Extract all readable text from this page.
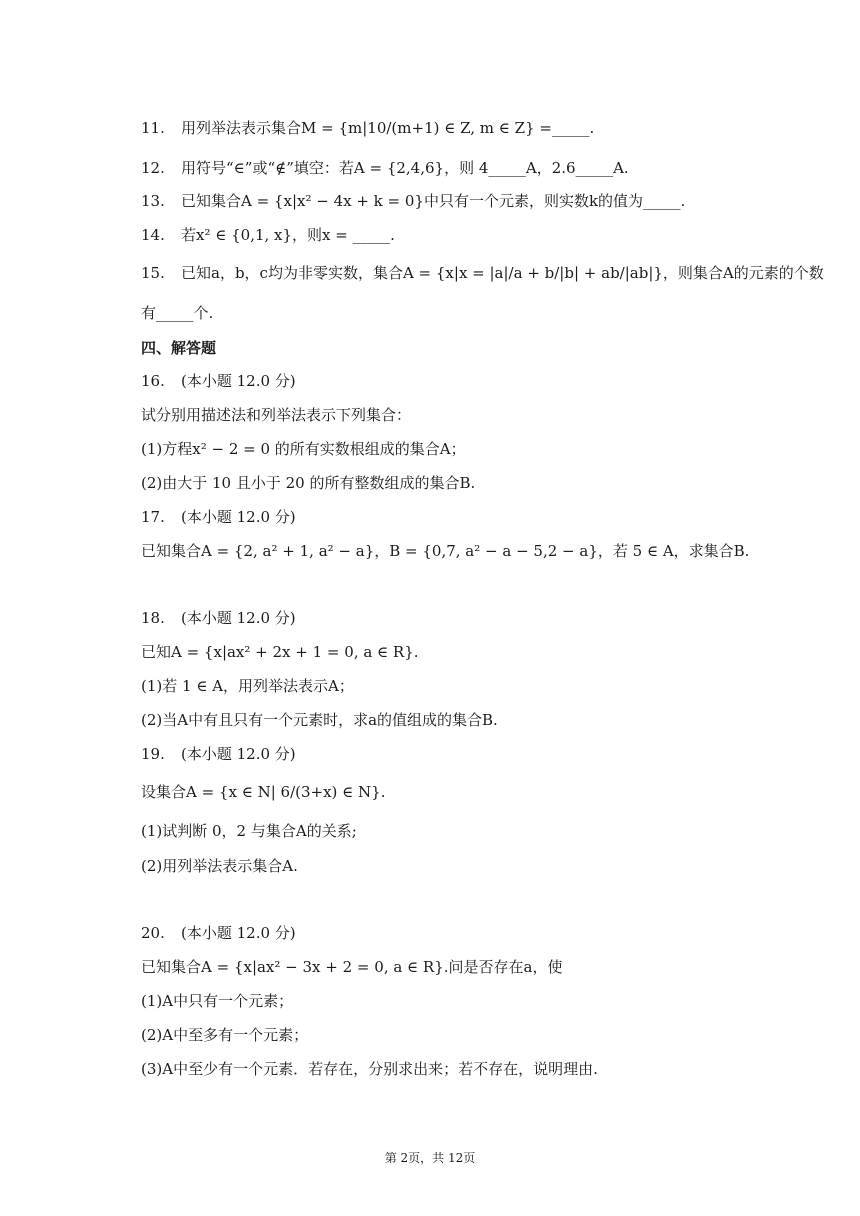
11. 用列举法表示集合M = {m|10/(m+1) ∈ Z, m ∈ Z} =_____.
12. 用符号“∈”或“∉”填空：若A = {2,4,6}，则 4_____A，2.6_____A.
13. 已知集合A = {x|x² − 4x + k = 0}中只有一个元素，则实数k的值为_____.
14. 若x² ∈ {0,1, x}，则x = _____.
15. 已知a，b，c均为非零实数，集合A = {x|x = |a|/a + b/|b| + ab/|ab|}，则集合A的元素的个数
有_____个.
四、解答题
16. (本小题 12.0 分)
试分别用描述法和列举法表示下列集合：
(1)方程x² − 2 = 0 的所有实数根组成的集合A；
(2)由大于 10 且小于 20 的所有整数组成的集合B.
17. (本小题 12.0 分)
已知集合A = {2, a² + 1, a² − a}，B = {0,7, a² − a − 5,2 − a}，若 5 ∈ A，求集合B.
18. (本小题 12.0 分)
已知A = {x|ax² + 2x + 1 = 0, a ∈ R}.
(1)若 1 ∈ A，用列举法表示A；
(2)当A中有且只有一个元素时，求a的值组成的集合B.
19. (本小题 12.0 分)
设集合A = {x ∈ N| 6/(3+x) ∈ N}.
(1)试判断 0，2 与集合A的关系;
(2)用列举法表示集合A.
20. (本小题 12.0 分)
已知集合A = {x|ax² − 3x + 2 = 0, a ∈ R}.问是否存在a，使
(1)A中只有一个元素；
(2)A中至多有一个元素；
(3)A中至少有一个元素．若存在，分别求出来；若不存在，说明理由.
第 2页，共 12页
